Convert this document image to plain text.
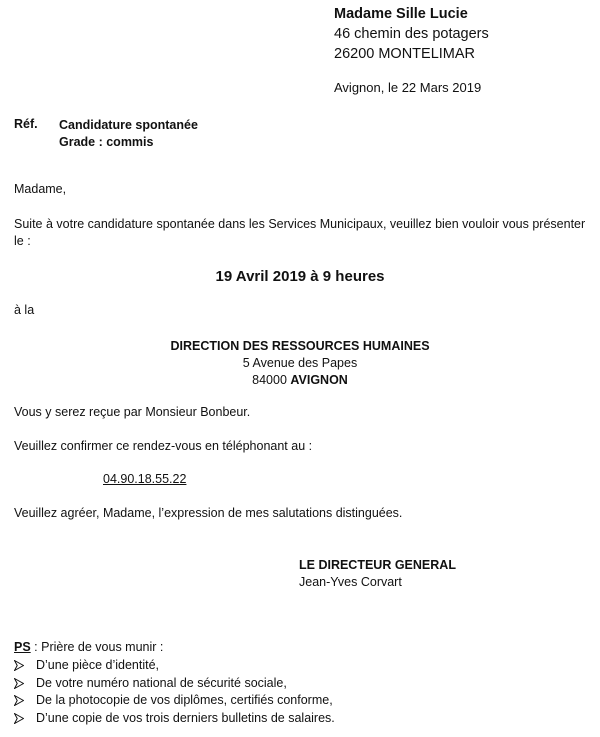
Madame Sille Lucie
46 chemin des potagers
26200 MONTELIMAR
Avignon, le 22 Mars 2019
Réf. Candidature spontanée
Grade : commis
Madame,
Suite à votre candidature spontanée dans les Services Municipaux, veuillez bien vouloir vous présenter le :
19 Avril 2019 à 9 heures
à la
DIRECTION DES RESSOURCES HUMAINES
5 Avenue des Papes
84000 AVIGNON
Vous y serez reçue par Monsieur Bonbeur.
Veuillez confirmer ce rendez-vous en téléphonant au :
04.90.18.55.22
Veuillez agréer, Madame, l’expression de mes salutations distinguées.
LE DIRECTEUR GENERAL
Jean-Yves Corvart
PS : Prière de vous munir :
D’une pièce d’identité,
De votre numéro national de sécurité sociale,
De la photocopie de vos diplômes, certifiés conforme,
D’une copie de vos trois derniers bulletins de salaires.
